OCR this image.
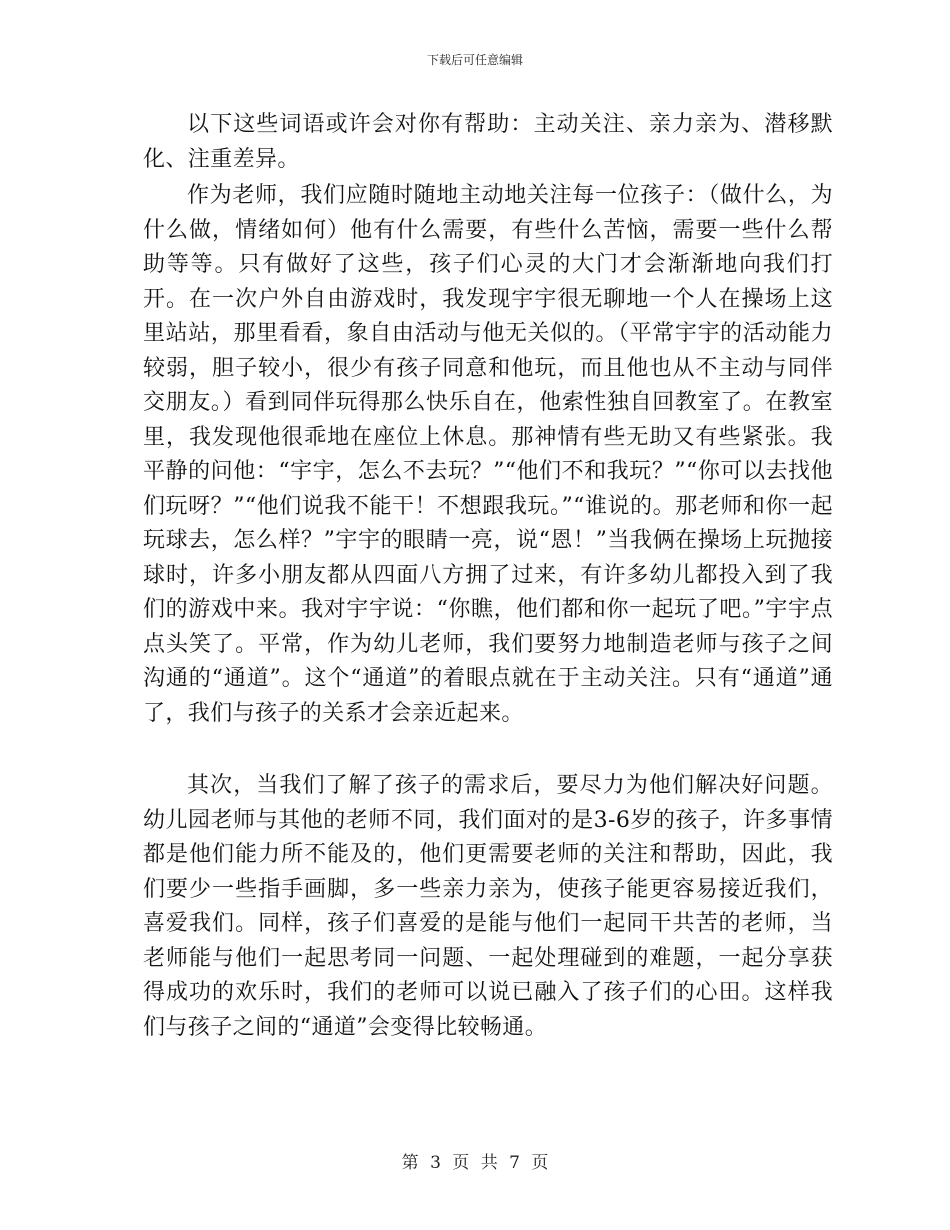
下载后可任意编辑

以下这些词语或许会对你有帮助：主动关注、亲力亲为、潜移默化、注重差异。

作为老师，我们应随时随地主动地关注每一位孩子：（做什么，为什么做，情绪如何）他有什么需要，有些什么苦恼，需要一些什么帮助等等。只有做好了这些，孩子们心灵的大门才会渐渐地向我们打开。在一次户外自由游戏时，我发现宇宇很无聊地一个人在操场上这里站站，那里看看，象自由活动与他无关似的。（平常宇宇的活动能力较弱，胆子较小，很少有孩子同意和他玩，而且他也从不主动与同伴交朋友。）看到同伴玩得那么快乐自在，他索性独自回教室了。在教室里，我发现他很乖地在座位上休息。那神情有些无助又有些紧张。我平静的问他：“宇宇，怎么不去玩？”“他们不和我玩？”“你可以去找他们玩呀？”“他们说我不能干！不想跟我玩。”“谁说的。那老师和你一起玩球去，怎么样？”宇宇的眼睛一亮，说“恩！”当我俩在操场上玩抛接球时，许多小朋友都从四面八方拥了过来，有许多幼儿都投入到了我们的游戏中来。我对宇宇说：“你瞧，他们都和你一起玩了吧。”宇宇点点头笑了。平常，作为幼儿老师，我们要努力地制造老师与孩子之间沟通的“通道”。这个“通道”的着眼点就在于主动关注。只有“通道”通了，我们与孩子的关系才会亲近起来。

其次，当我们了解了孩子的需求后，要尽力为他们解决好问题。幼儿园老师与其他的老师不同，我们面对的是3-6岁的孩子，许多事情都是他们能力所不能及的，他们更需要老师的关注和帮助，因此，我们要少一些指手画脚，多一些亲力亲为，使孩子能更容易接近我们，喜爱我们。同样，孩子们喜爱的是能与他们一起同干共苦的老师，当老师能与他们一起思考同一问题、一起处理碰到的难题，一起分享获得成功的欢乐时，我们的老师可以说已融入了孩子们的心田。这样我们与孩子之间的“通道”会变得比较畅通。

第 3 页 共 7 页
